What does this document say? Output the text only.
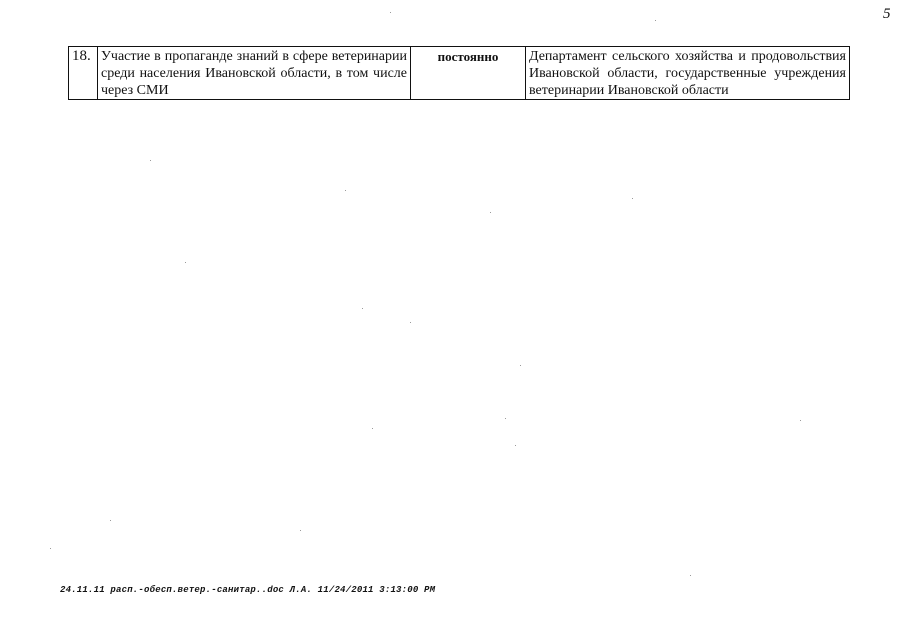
5
18.	Участие в пропаганде знаний в сфере ветеринарии среди населения Ивановской области, в том числе через СМИ	постоянно	Департамент сельского хозяйства и продовольствия Ивановской области, государственные учреждения ветеринарии Ивановской области
24.11.11 расп.-обесп.ветер.-санитар..doc Л.А. 11/24/2011 3:13:00 PM
